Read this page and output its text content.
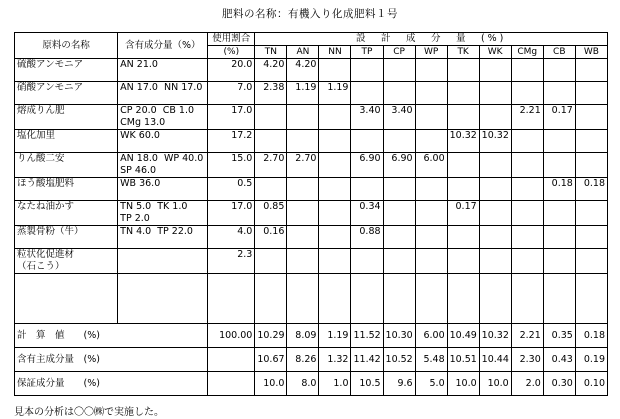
肥料の名称：有機入り化成肥料１号
原料の名称	含有成分量（%）	使用割合	設　計　成　分　量　(%)										
		(%)	TN	AN	NN	TP	CP	WP	TK	WK	CMg	CB	WB
硫酸アンモニア	AN 21.0	20.0	4.20	4.20									
硝酸アンモニア	AN 17.0  NN 17.0	7.0	2.38	1.19	1.19								
熔成りん肥	CP 20.0  CB 1.0
CMg 13.0	17.0				3.40	3.40				2.21	0.17	
塩化加里	WK 60.0	17.2							10.32	10.32			
りん酸二安	AN 18.0  WP 40.0
SP 46.0	15.0	2.70	2.70		6.90	6.90	6.00					
ほう酸塩肥料	WB 36.0	0.5										0.18	0.18
なたね油かす	TN 5.0  TK 1.0
TP 2.0	17.0	0.85			0.34			0.17				
蒸製骨粉（牛）	TN 4.0  TP 22.0	4.0	0.16			0.88							
粒状化促進材
（石こう）		2.3											

計　算　値　　(%)		100.00	10.29	8.09	1.19	11.52	10.30	6.00	10.49	10.32	2.21	0.35	0.18
含有主成分量　(%)			10.67	8.26	1.32	11.42	10.52	5.48	10.51	10.44	2.30	0.43	0.19
保証成分量　　(%)			10.0	8.0	1.0	10.5	9.6	5.0	10.0	10.0	2.0	0.30	0.10
見本の分析は〇〇㈱で実施した。
